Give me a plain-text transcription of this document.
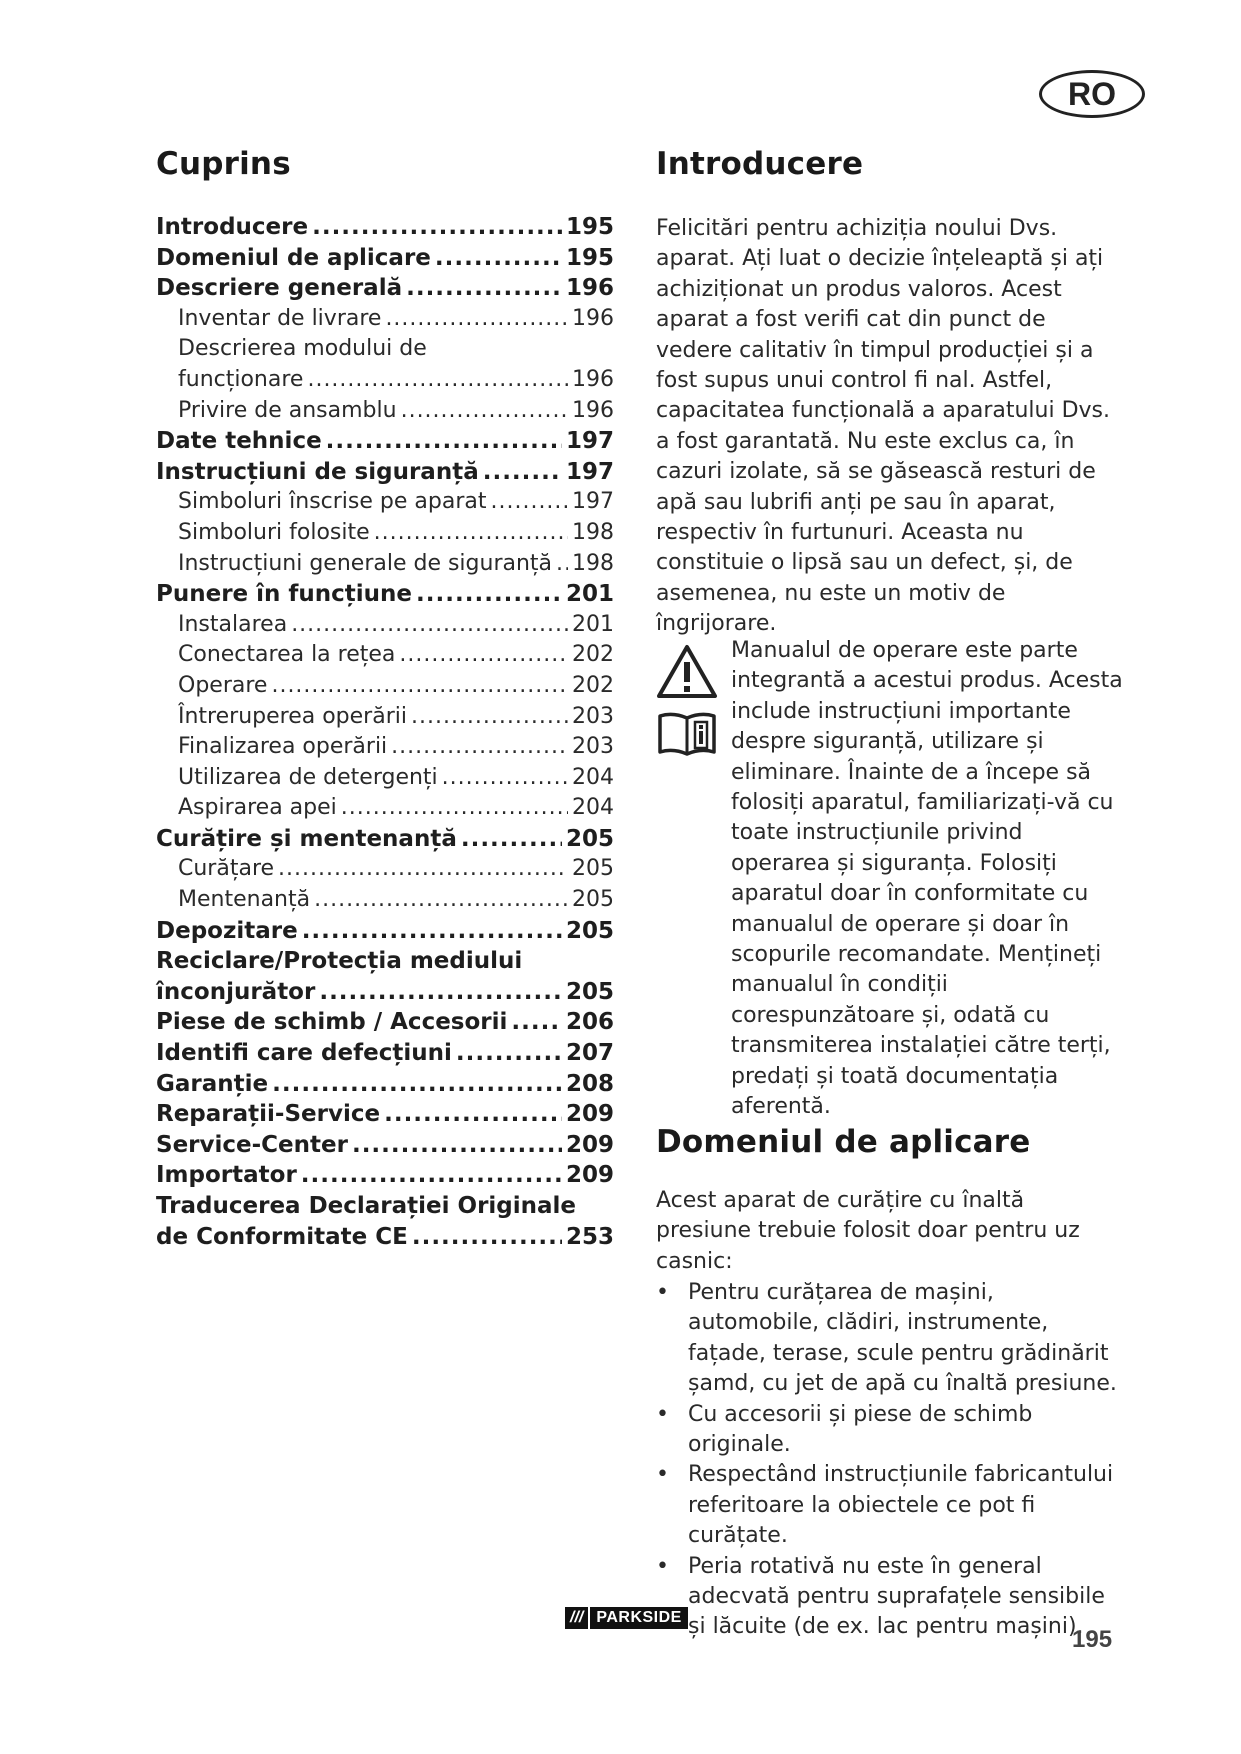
RO
Cuprins
Introducere .....	195
Domeniul de aplicare .....	195
Descriere generală .....	196
Inventar de livrare .....	196
Descrierea modului de
funcționare .....	196
Privire de ansamblu .....	196
Date tehnice .....	197
Instrucțiuni de siguranță .....	197
Simboluri înscrise pe aparat .....	197
Simboluri folosite .....	198
Instrucțiuni generale de siguranță ..... 198
Punere în funcțiune .....	201
Instalarea .....	201
Conectarea la rețea .....	202
Operare .....	202
Întreruperea operării .....	203
Finalizarea operării .....	203
Utilizarea de detergenți .....	204
Aspirarea apei .....	204
Curățire și mentenanță .....	205
Curățare .....	205
Mentenanță .....	205
Depozitare .....	205
Reciclare/Protecția mediului
înconjurător .....	205
Piese de schimb / Accesorii .....	206
Identifi care defecțiuni .....	207
Garanție .....	208
Reparații-Service .....	209
Service-Center .....	209
Importator .....	209
Traducerea Declarației Originale
de Conformitate CE .....	253
Introducere

Felicitări pentru achiziția noului Dvs. aparat. Ați luat o decizie înțeleaptă și ați achiziționat un produs valoros. Acest aparat a fost verifi cat din punct de vedere calitativ în timpul producției și a fost supus unui control fi nal. Astfel, capacitatea funcțională a aparatului Dvs. a fost garantată. Nu este exclus ca, în cazuri izolate, să se găsească resturi de apă sau lubrifi anți pe sau în aparat, respectiv în furtunuri. Aceasta nu constituie o lipsă sau un defect, și, de asemenea, nu este un motiv de îngrijorare.

Manualul de operare este parte integrantă a acestui produs. Acesta include instrucțiuni importante despre siguranță, utilizare și eliminare. Înainte de a începe să folosiți aparatul, familiarizați-vă cu toate instrucțiunile privind operarea și siguranța. Folosiți aparatul doar în conformitate cu manualul de operare și doar în scopurile recomandate. Mențineți manualul în condiții corespunzătoare și, odată cu transmiterea instalației către terți, predați și toată documentația aferentă.

Domeniul de aplicare

Acest aparat de curățire cu înaltă presiune trebuie folosit doar pentru uz casnic:

• Pentru curățarea de mașini, automobile, clădiri, instrumente, fațade, terase, scule pentru grădinărit șamd, cu jet de apă cu înaltă presiune.
• Cu accesorii și piese de schimb originale.
• Respectând instrucțiunile fabricantului referitoare la obiectele ce pot fi curățate.
• Peria rotativă nu este în general adecvată pentru suprafațele sensibile și lăcuite (de ex. lac pentru mașini).
/// PARKSIDE
195
